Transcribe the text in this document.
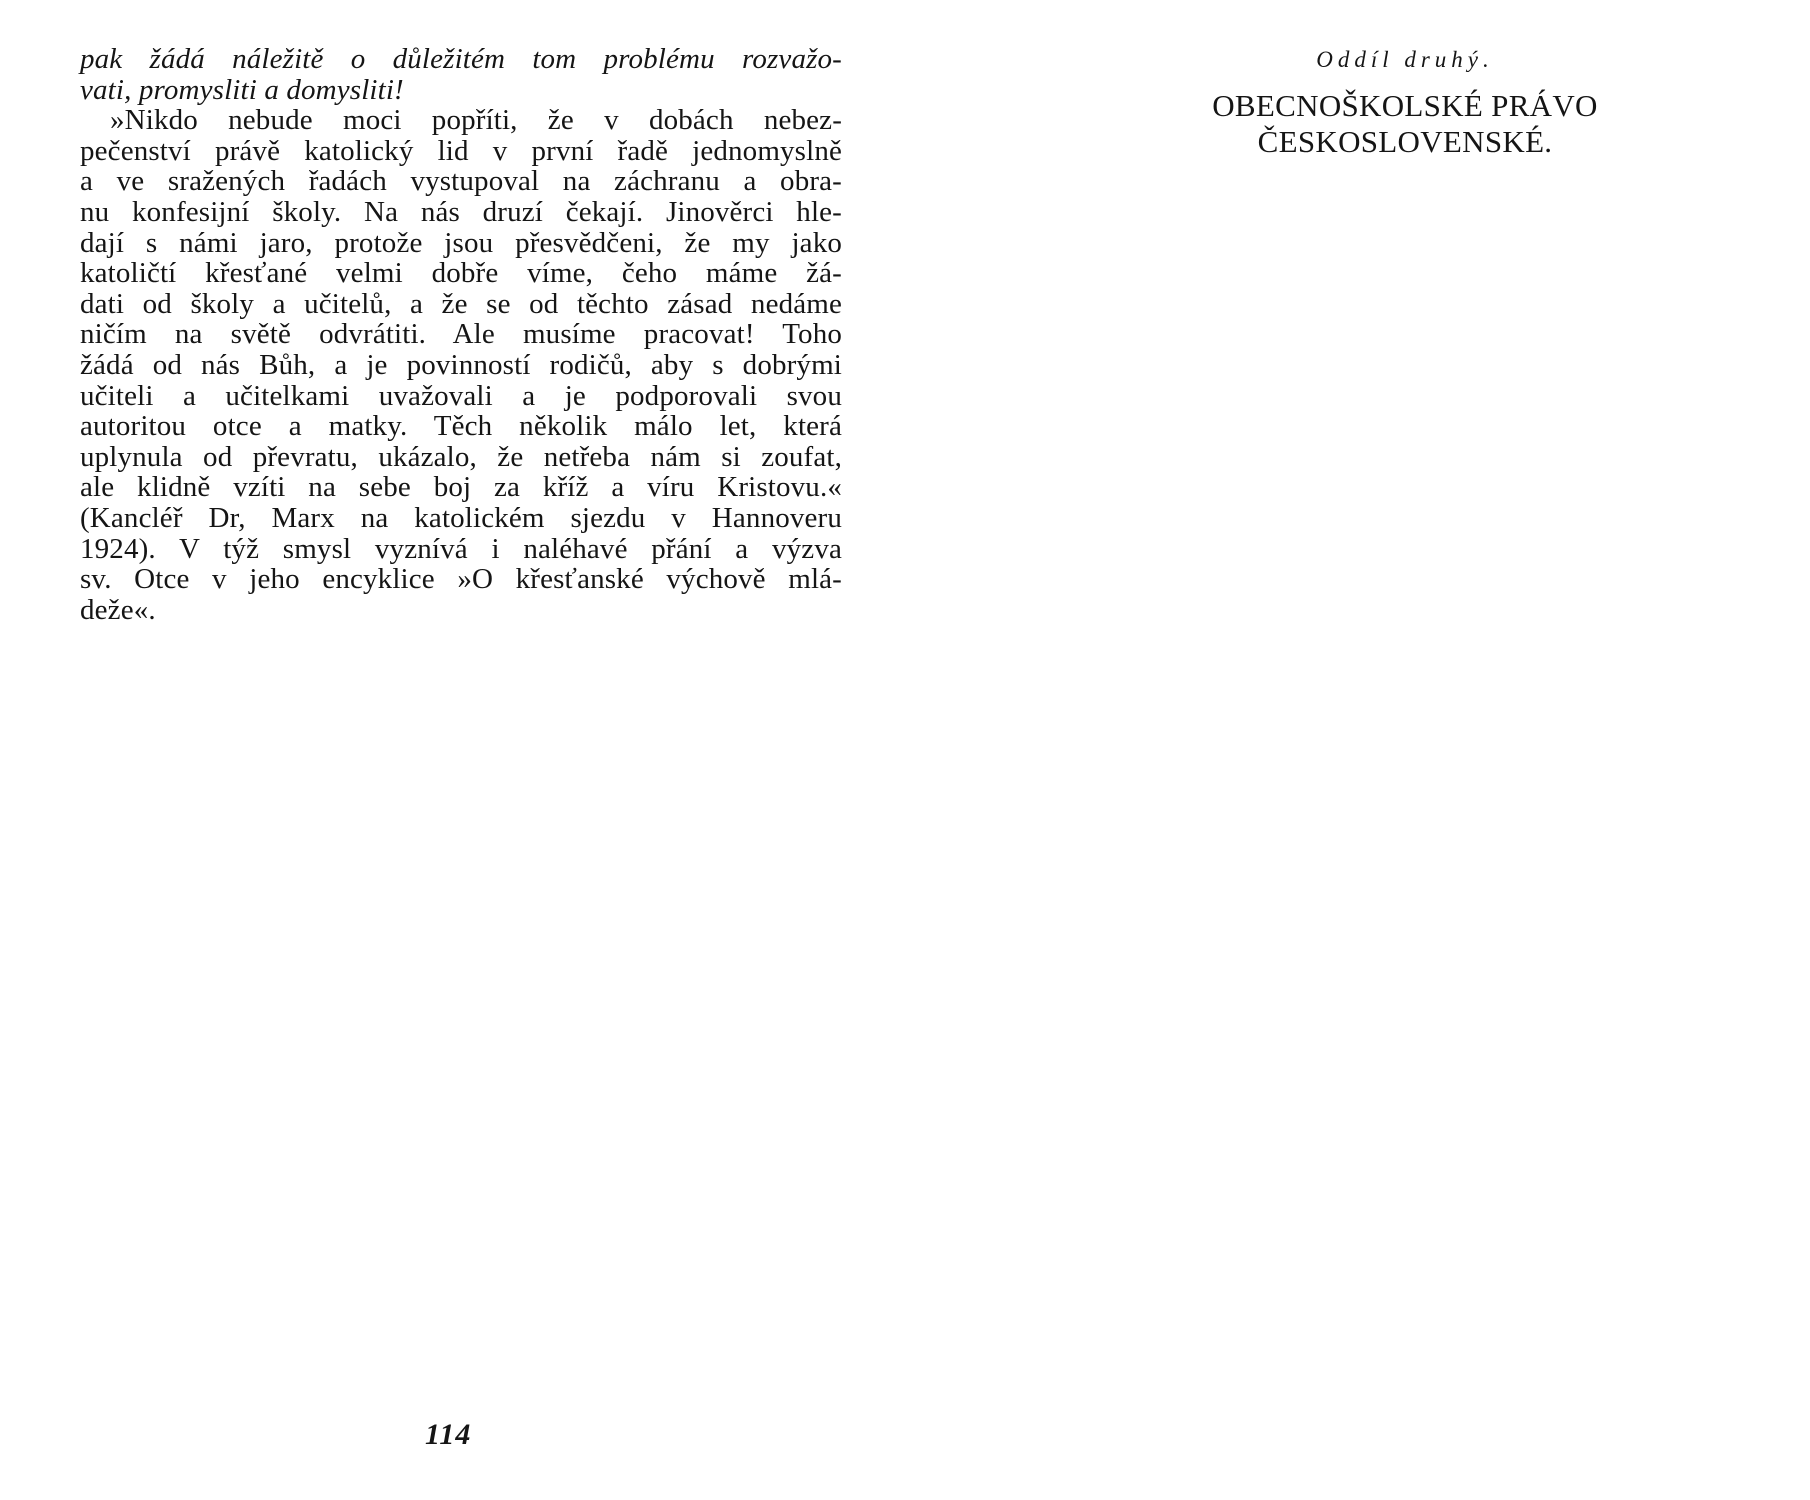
pak žádá náležitě o důležitém tom problému rozvažo-
vati, promysliti a domysliti!
»Nikdo nebude moci popříti, že v dobách nebez-
pečenství právě katolický lid v první řadě jednomyslně
a ve sražených řadách vystupoval na záchranu a obra-
nu konfesijní školy. Na nás druzí čekají. Jinověrci hle-
dají s námi jaro, protože jsou přesvědčeni, že my jako
katoličtí křesťané velmi dobře víme, čeho máme žá-
dati od školy a učitelů, a že se od těchto zásad nedáme
ničím na světě odvrátiti. Ale musíme pracovat! Toho
žádá od nás Bůh, a je povinností rodičů, aby s dobrými
učiteli a učitelkami uvažovali a je podporovali svou
autoritou otce a matky. Těch několik málo let, která
uplynula od převratu, ukázalo, že netřeba nám si zoufat,
ale klidně vzíti na sebe boj za kříž a víru Kristovu.«
(Kancléř Dr, Marx na katolickém sjezdu v Hannoveru
1924). V týž smysl vyznívá i naléhavé přání a výzva
sv. Otce v jeho encyklice »O křesťanské výchově mlá-
deže«.
114

Oddíl druhý.

OBECNOŠKOLSKÉ PRÁVO
ČESKOSLOVENSKÉ.
